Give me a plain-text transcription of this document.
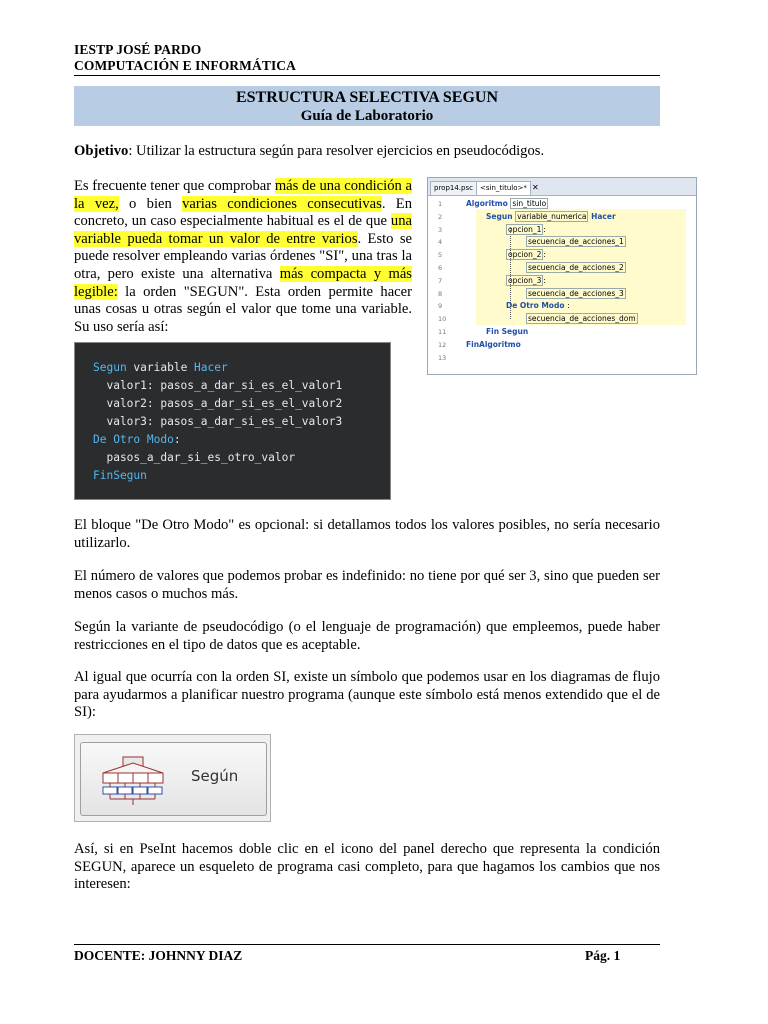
IESTP JOSÉ PARDO
COMPUTACIÓN E INFORMÁTICA
ESTRUCTURA SELECTIVA SEGUN
Guía de Laboratorio
Objetivo: Utilizar la estructura según para resolver ejercicios en pseudocódigos.
Es frecuente tener que comprobar más de una condición a la vez, o bien varias condiciones consecutivas. En concreto, un caso especialmente habitual es el de que una variable pueda tomar un valor de entre varios. Esto se puede resolver empleando varias órdenes "SI", una tras la otra, pero existe una alternativa más compacta y más legible: la orden "SEGUN". Esta orden permite hacer unas cosas u otras según el valor que tome una variable. Su uso sería así:
prop14.psc	<sin_titulo>* ✕
1	Algoritmo sin_titulo
2	Segun variable_numerica Hacer
3	opcion_1 :
4	secuencia_de_acciones_1
5	opcion_2 :
6	secuencia_de_acciones_2
7	opcion_3 :
8	secuencia_de_acciones_3
9	De Otro Modo :
10	secuencia_de_acciones_dom
11	Fin Segun
12	FinAlgoritmo
13
Segun variable Hacer
valor1: pasos_a_dar_si_es_el_valor1
valor2: pasos_a_dar_si_es_el_valor2
valor3: pasos_a_dar_si_es_el_valor3
De Otro Modo:
pasos_a_dar_si_es_otro_valor
FinSegun
El bloque "De Otro Modo" es opcional: si detallamos todos los valores posibles, no sería necesario utilizarlo.
El número de valores que podemos probar es indefinido: no tiene por qué ser 3, sino que pueden ser menos casos o muchos más.
Según la variante de pseudocódigo (o el lenguaje de programación) que empleemos, puede haber restricciones en el tipo de datos que es aceptable.
Al igual que ocurría con la orden SI, existe un símbolo que podemos usar en los diagramas de flujo para ayudarmos a planificar nuestro programa (aunque este símbolo está menos extendido que el de SI):
Según
Así, si en PseInt hacemos doble clic en el icono del panel derecho que representa la condición SEGUN, aparece un esqueleto de programa casi completo, para que hagamos los cambios que nos interesen:
DOCENTE: JOHNNY DIAZ	Pág. 1
